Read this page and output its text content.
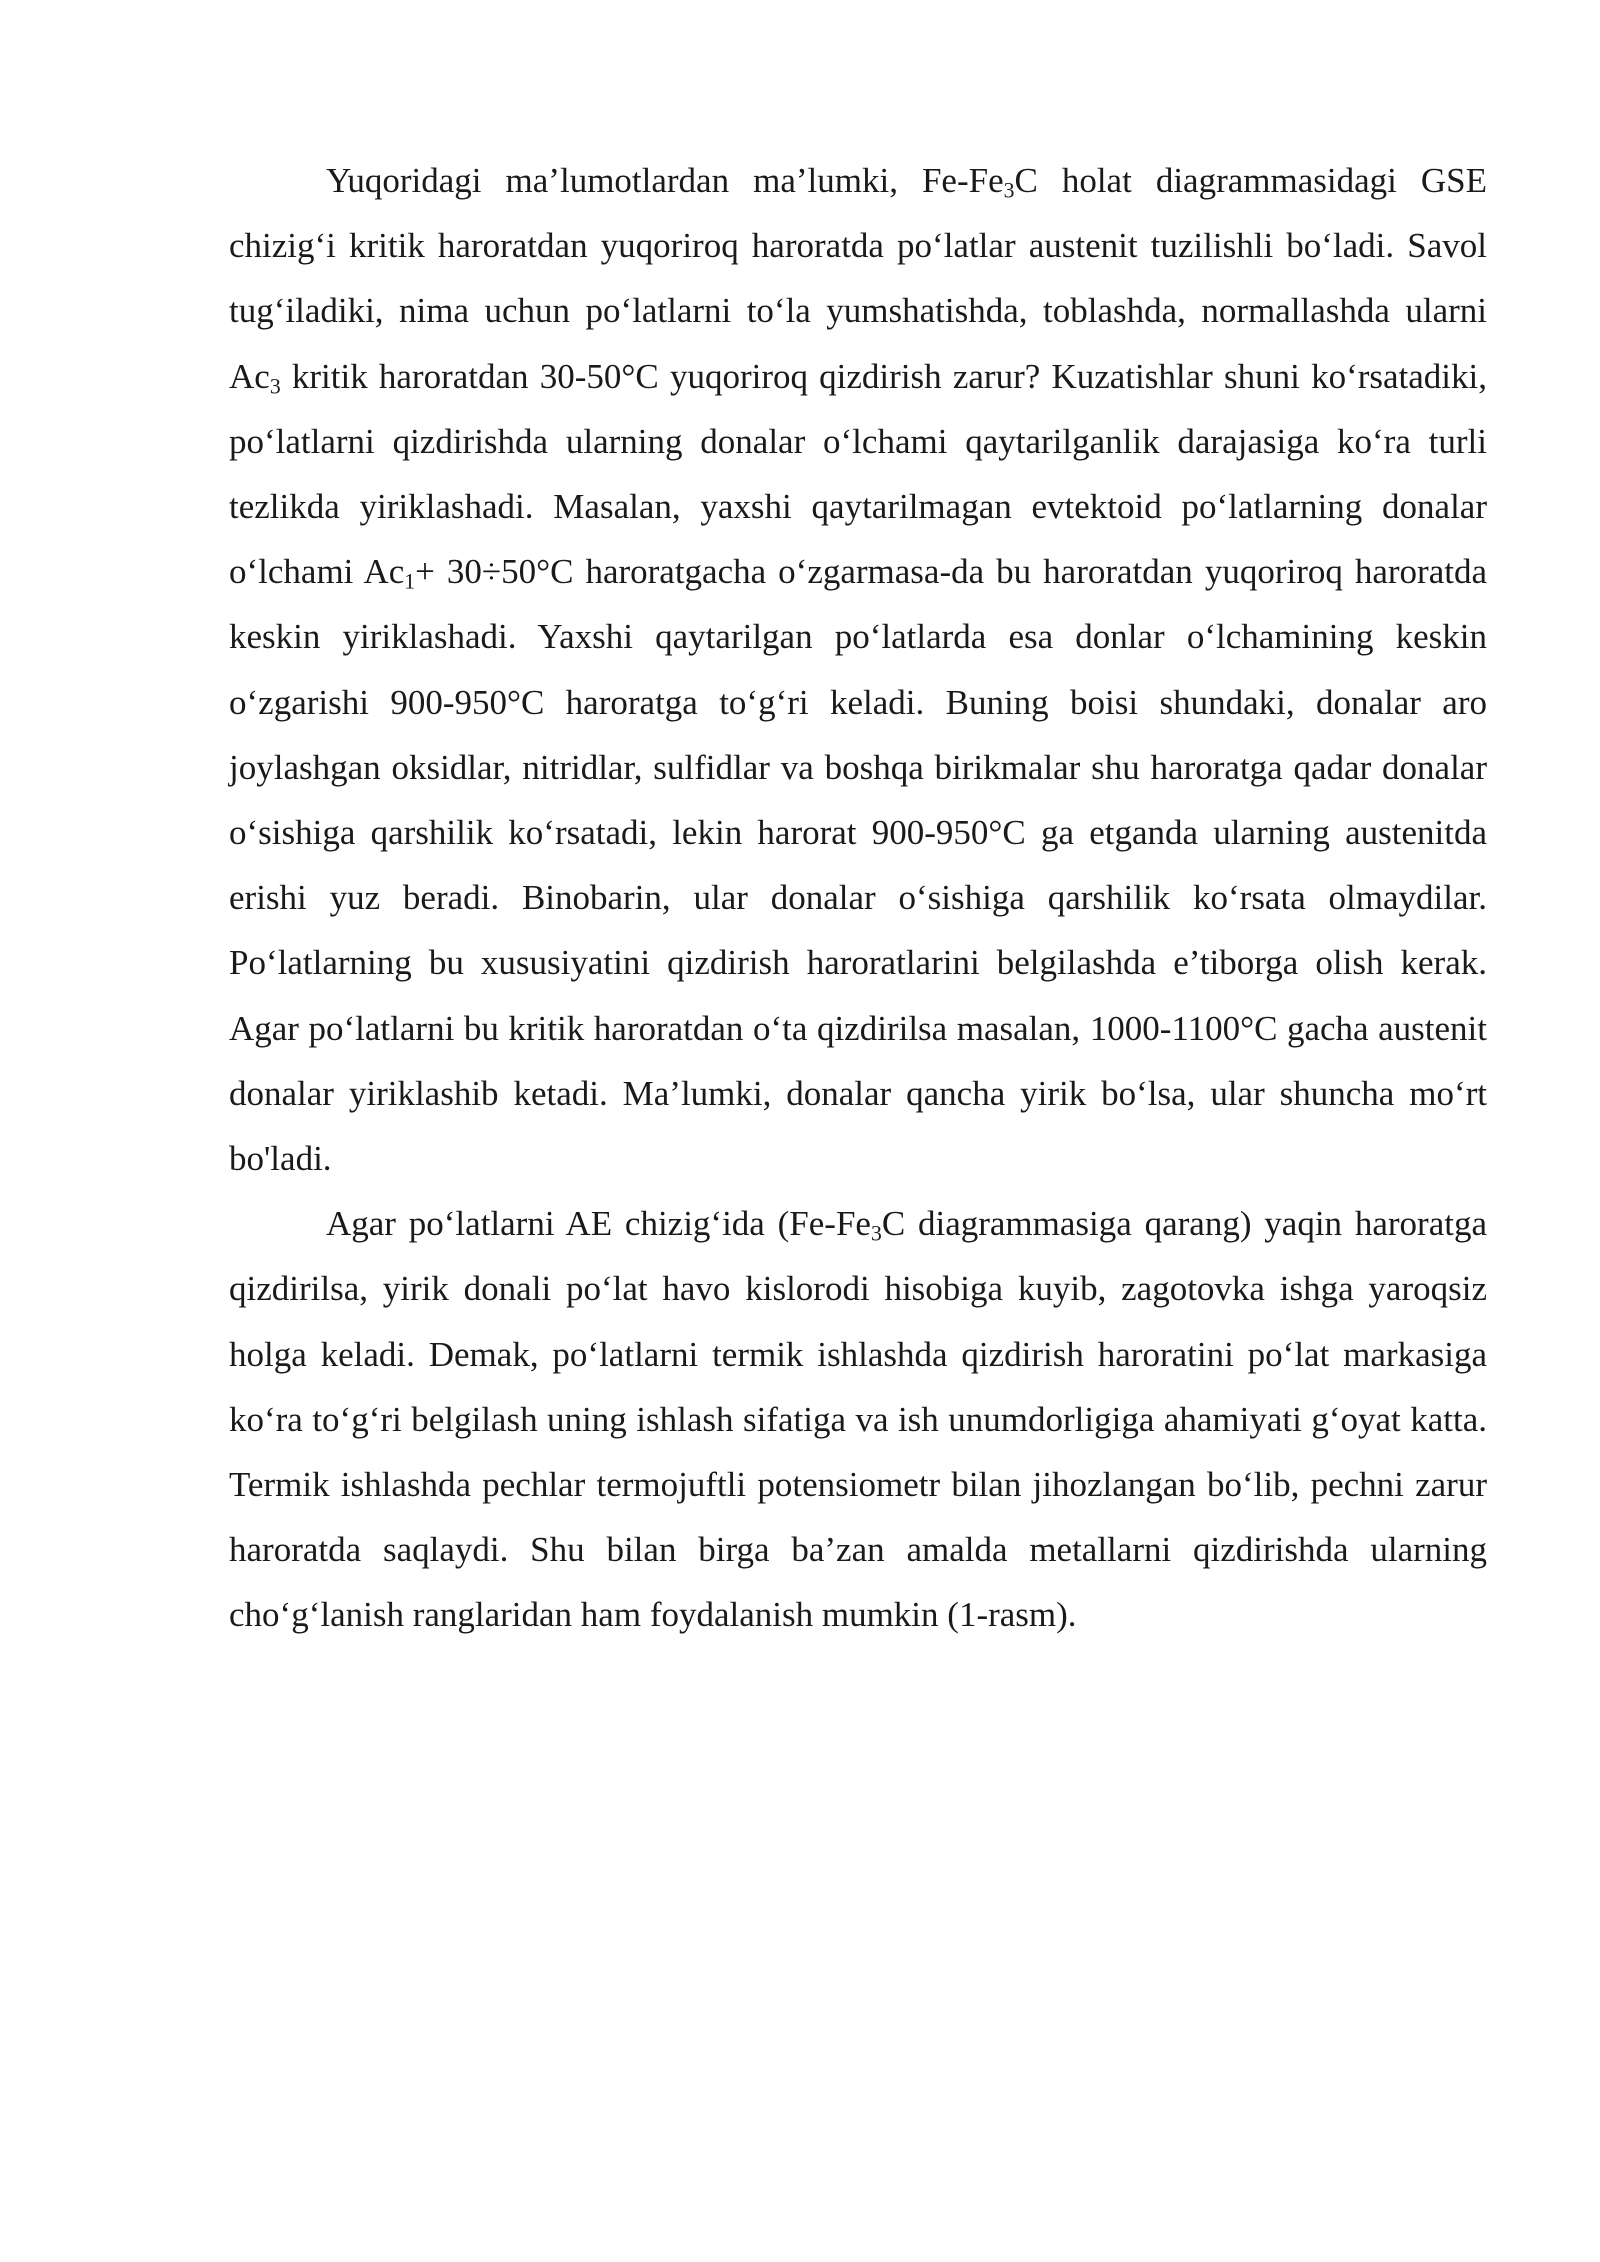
Yuqoridagi ma’lumotlardan ma’lumki, $Fe-Fe_3C$ holat diagrammasidagi GSE chizig‘i kritik haroratdan yuqoriroq haroratda po‘latlar austenit tuzilishli bo‘ladi. Savol tug‘iladiki, nima uchun po‘latlarni to‘la yumshatishda, toblashda, normallashda ularni $Ac_3$ kritik haroratdan 30-50°C yuqoriroq qizdirish zarur? Kuzatishlar shuni ko‘rsatadiki, po‘latlarni qizdirishda ularning donalar o‘lchami qaytarilganlik darajasiga ko‘ra turli tezlikda yiriklashadi. Masalan, yaxshi qaytarilmagan evtektoid po‘latlarning donalar o‘lchami $Ac_1+ 30\div 50^\circ C$ haroratgacha o‘zgarmasa-da bu haroratdan yuqoriroq haroratda keskin yiriklashadi. Yaxshi qaytarilgan po‘latlarda esa donlar o‘lchamining keskin o‘zgarishi 900-950°C haroratga to‘g‘ri keladi. Buning boisi shundaki, donalar aro joylashgan oksidlar, nitridlar, sulfidlar va boshqa birikmalar shu haroratga qadar donalar o‘sishiga qarshilik ko‘rsatadi, lekin harorat 900-950°C ga etganda ularning austenitda erishi yuz beradi. Binobarin, ular donalar o‘sishiga qarshilik ko‘rsata olmaydilar. Po‘latlarning bu xususiyatini qizdirish haroratlarini belgilashda e’tiborga olish kerak. Agar po‘latlarni bu kritik haroratdan o‘ta qizdirilsa masalan, 1000-1100°C gacha austenit donalar yiriklashib ketadi. Ma’lumki, donalar qancha yirik bo‘lsa, ular shuncha mo‘rt bo'ladi.

Agar po‘latlarni AE chizig‘ida ($Fe-Fe_3C$ diagrammasiga qarang) yaqin haroratga qizdirilsa, yirik donali po‘lat havo kislorodi hisobiga kuyib, zagotovka ishga yaroqsiz holga keladi. Demak, po‘latlarni termik ishlashda qizdirish haroratini po‘lat markasiga ko‘ra to‘g‘ri belgilash uning ishlash sifatiga va ish unumdorligiga ahamiyati g‘oyat katta. Termik ishlashda pechlar termojuftli potensiometr bilan jihozlangan bo‘lib, pechni zarur haroratda saqlaydi. Shu bilan birga ba’zan amalda metallarni qizdirishda ularning cho‘g‘lanish ranglaridan ham foydalanish mumkin (1-rasm).
